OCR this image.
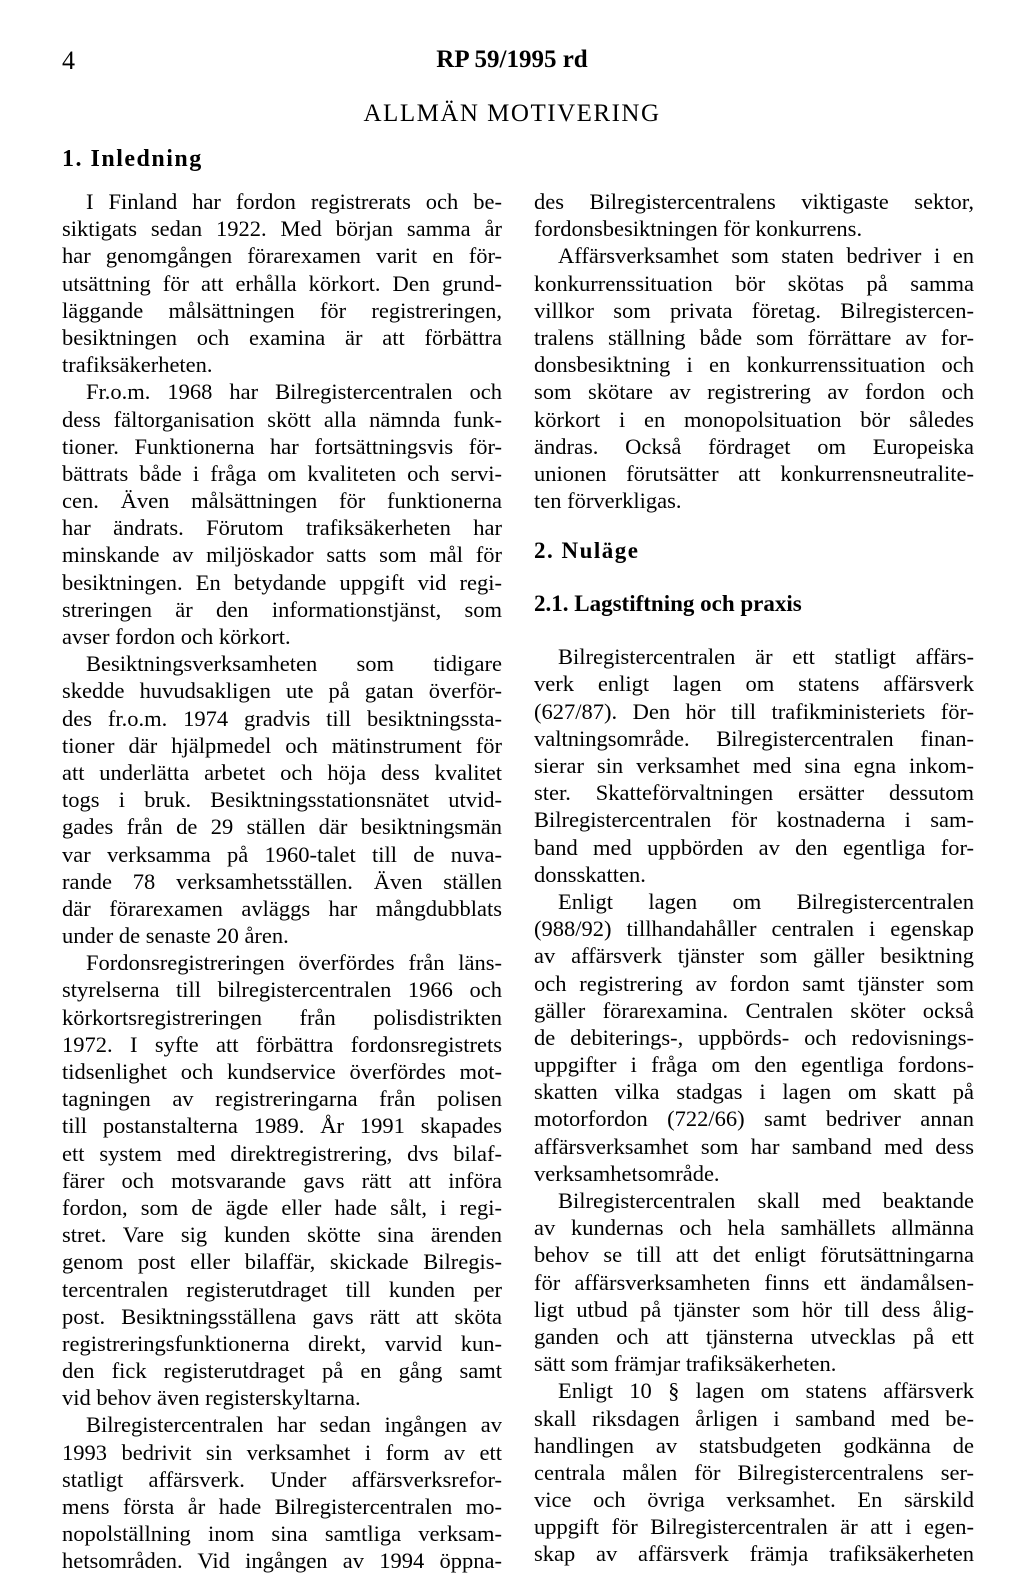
4	RP 59/1995 rd
ALLMÄN MOTIVERING
1. Inledning
I Finland har fordon registrerats och be-
siktigats sedan 1922. Med början samma år
har genomgången förarexamen varit en för-
utsättning för att erhålla körkort. Den grund-
läggande målsättningen för registreringen,
besiktningen och examina är att förbättra
trafiksäkerheten.
Fr.o.m. 1968 har Bilregistercentralen och
dess fältorganisation skött alla nämnda funk-
tioner. Funktionerna har fortsättningsvis för-
bättrats både i fråga om kvaliteten och servi-
cen. Även målsättningen för funktionerna
har ändrats. Förutom trafiksäkerheten har
minskande av miljöskador satts som mål för
besiktningen. En betydande uppgift vid regi-
streringen är den informationstjänst, som
avser fordon och körkort.
Besiktningsverksamheten som tidigare
skedde huvudsakligen ute på gatan överför-
des fr.o.m. 1974 gradvis till besiktningssta-
tioner där hjälpmedel och mätinstrument för
att underlätta arbetet och höja dess kvalitet
togs i bruk. Besiktningsstationsnätet utvid-
gades från de 29 ställen där besiktningsmän
var verksamma på 1960-talet till de nuva-
rande 78 verksamhetsställen. Även ställen
där förarexamen avläggs har mångdubblats
under de senaste 20 åren.
Fordonsregistreringen överfördes från läns-
styrelserna till bilregistercentralen 1966 och
körkortsregistreringen från polisdistrikten
1972. I syfte att förbättra fordonsregistrets
tidsenlighet och kundservice överfördes mot-
tagningen av registreringarna från polisen
till postanstalterna 1989. År 1991 skapades
ett system med direktregistrering, dvs bilaf-
färer och motsvarande gavs rätt att införa
fordon, som de ägde eller hade sålt, i regi-
stret. Vare sig kunden skötte sina ärenden
genom post eller bilaffär, skickade Bilregis-
tercentralen registerutdraget till kunden per
post. Besiktningsställena gavs rätt att sköta
registreringsfunktionerna direkt, varvid kun-
den fick registerutdraget på en gång samt
vid behov även registerskyltarna.
Bilregistercentralen har sedan ingången av
1993 bedrivit sin verksamhet i form av ett
statligt affärsverk. Under affärsverksrefor-
mens första år hade Bilregistercentralen mo-
nopolställning inom sina samtliga verksam-
hetsområden. Vid ingången av 1994 öppna-
des Bilregistercentralens viktigaste sektor,
fordonsbesiktningen för konkurrens.
Affärsverksamhet som staten bedriver i en
konkurrenssituation bör skötas på samma
villkor som privata företag. Bilregistercen-
tralens ställning både som förrättare av for-
donsbesiktning i en konkurrenssituation och
som skötare av registrering av fordon och
körkort i en monopolsituation bör således
ändras. Också fördraget om Europeiska
unionen förutsätter att konkurrensneutralite-
ten förverkligas.
2. Nuläge
2.1. Lagstiftning och praxis
Bilregistercentralen är ett statligt affärs-
verk enligt lagen om statens affärsverk
(627/87). Den hör till trafikministeriets för-
valtningsområde. Bilregistercentralen finan-
sierar sin verksamhet med sina egna inkom-
ster. Skatteförvaltningen ersätter dessutom
Bilregistercentralen för kostnaderna i sam-
band med uppbörden av den egentliga for-
donsskatten.
Enligt lagen om Bilregistercentralen
(988/92) tillhandahåller centralen i egenskap
av affärsverk tjänster som gäller besiktning
och registrering av fordon samt tjänster som
gäller förarexamina. Centralen sköter också
de debiterings-, uppbörds- och redovisnings-
uppgifter i fråga om den egentliga fordons-
skatten vilka stadgas i lagen om skatt på
motorfordon (722/66) samt bedriver annan
affärsverksamhet som har samband med dess
verksamhetsområde.
Bilregistercentralen skall med beaktande
av kundernas och hela samhällets allmänna
behov se till att det enligt förutsättningarna
för affärsverksamheten finns ett ändamålsen-
ligt utbud på tjänster som hör till dess ålig-
ganden och att tjänsterna utvecklas på ett
sätt som främjar trafiksäkerheten.
Enligt 10 § lagen om statens affärsverk
skall riksdagen årligen i samband med be-
handlingen av statsbudgeten godkänna de
centrala målen för Bilregistercentralens ser-
vice och övriga verksamhet. En särskild
uppgift för Bilregistercentralen är att i egen-
skap av affärsverk främja trafiksäkerheten
